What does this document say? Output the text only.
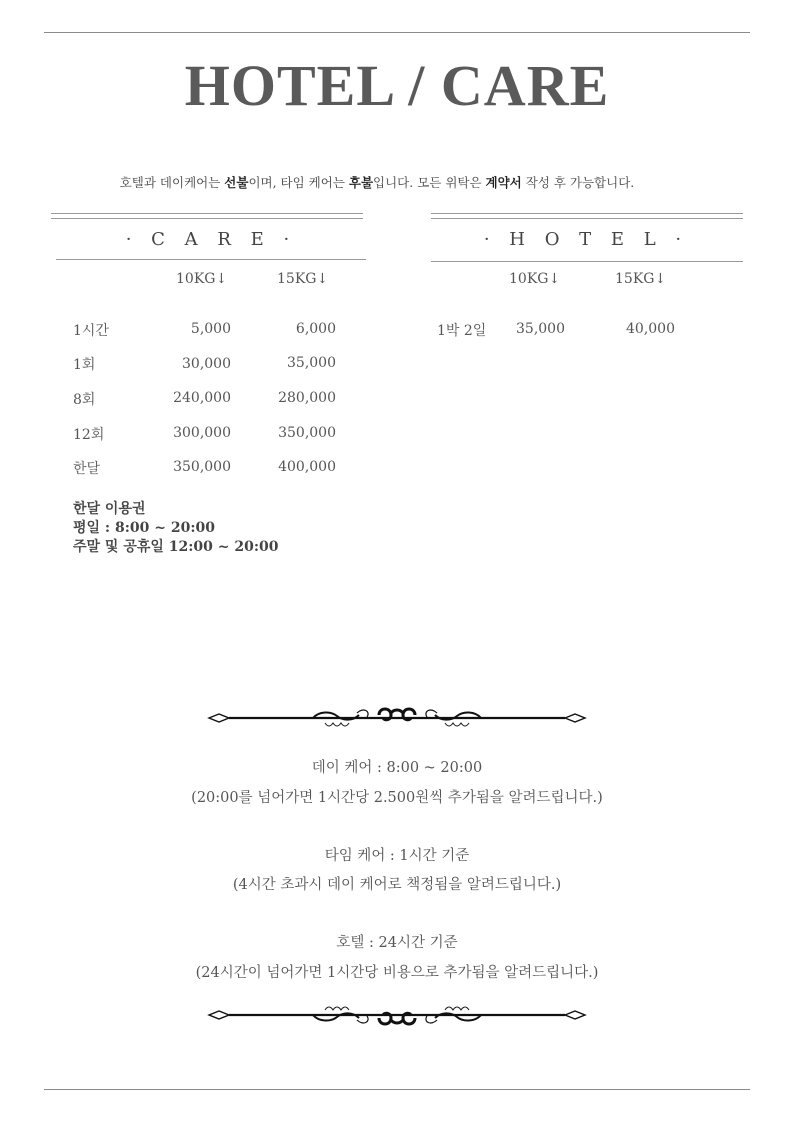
HOTEL / CARE
호텔과 데이케어는 선불이며, 타임 케어는 후불입니다. 모든 위탁은 계약서 작성 후 가능합니다.
· C A R E ·
10KG↓	15KG↓
1시간	5,000	6,000
1회	30,000	35,000
8회	240,000	280,000
12회	300,000	350,000
한달	350,000	400,000
한달 이용권
평일 : 8:00 ~ 20:00
주말 및 공휴일 12:00 ~ 20:00
· H O T E L ·
10KG↓	15KG↓
1박 2일 35,000	40,000
데이 케어 : 8:00 ~ 20:00
(20:00를 넘어가면 1시간당 2.500원씩 추가됨을 알려드립니다.)
타임 케어 : 1시간 기준
(4시간 초과시 데이 케어로 책정됨을 알려드립니다.)
호텔 : 24시간 기준
(24시간이 넘어가면 1시간당 비용으로 추가됨을 알려드립니다.)
